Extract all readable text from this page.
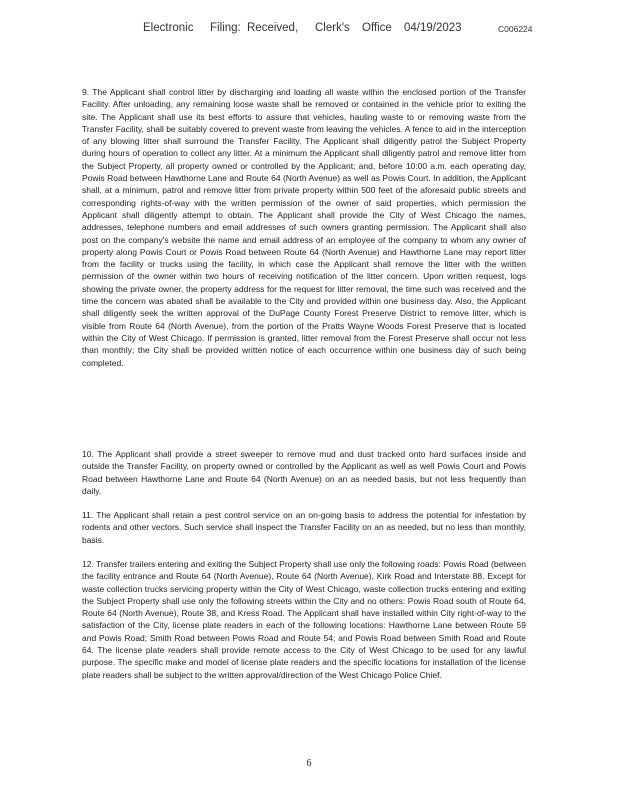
Electronic Filing: Received, Clerk's Office 04/19/2023	C006224

9. The Applicant shall control litter by discharging and loading all waste within the enclosed portion of the Transfer Facility. After unloading, any remaining loose waste shall be removed or contained in the vehicle prior to exiting the site. The Applicant shall use its best efforts to assure that vehicles, hauling waste to or removing waste from the Transfer Facility, shall be suitably covered to prevent waste from leaving the vehicles. A fence to aid in the interception of any blowing litter shall surround the Transfer Facility. The Applicant shall diligently patrol the Subject Property during hours of operation to collect any litter. At a minimum the Applicant shall diligently patrol and remove litter from the Subject Property, all property owned or controlled by the Applicant; and, before 10:00 a.m. each operating day, Powis Road between Hawthorne Lane and Route 64 (North Avenue) as well as Powis Court. In addition, the Applicant shall, at a minimum, patrol and remove litter from private property within 500 feet of the aforesaid public streets and corresponding rights-of-way with the written permission of the owner of said properties, which permission the Applicant shall diligently attempt to obtain. The Applicant shall provide the City of West Chicago the names, addresses, telephone numbers and email addresses of such owners granting permission. The Applicant shall also post on the company's website the name and email address of an employee of the company to whom any owner of property along Powis Court or Powis Road between Route 64 (North Avenue) and Hawthorne Lane may report litter from the facility or trucks using the facility, in which case the Applicant shall remove the litter with the written permission of the owner within two hours of receiving notification of the litter concern. Upon written request, logs showing the private owner, the property address for the request for litter removal, the time such was received and the time the concern was abated shall be available to the City and provided within one business day. Also, the Applicant shall diligently seek the written approval of the DuPage County Forest Preserve District to remove litter, which is visible from Route 64 (North Avenue), from the portion of the Pratts Wayne Woods Forest Preserve that is located within the City of West Chicago. If permission is granted, litter removal from the Forest Preserve shall occur not less than monthly; the City shall be provided written notice of each occurrence within one business day of such being completed.

10. The Applicant shall provide a street sweeper to remove mud and dust tracked onto hard surfaces inside and outside the Transfer Facility, on property owned or controlled by the Applicant as well as well Powis Court and Powis Road between Hawthorne Lane and Route 64 (North Avenue) on an as needed basis, but not less frequently than daily.

11. The Applicant shall retain a pest control service on an on-going basis to address the potential for infestation by rodents and other vectors. Such service shall inspect the Transfer Facility on an as needed, but no less than monthly, basis.

12. Transfer trailers entering and exiting the Subject Property shall use only the following roads: Powis Road (between the facility entrance and Route 64 (North Avenue), Route 64 (North Avenue), Kirk Road and Interstate 88. Except for waste collection trucks servicing property within the City of West Chicago, waste collection trucks entering and exiting the Subject Property shall use only the following streets within the City and no others: Powis Road south of Route 64, Route 64 (North Avenue), Route 38, and Kress Road. The Applicant shall have installed within City right-of-way to the satisfaction of the City, license plate readers in each of the following locations: Hawthorne Lane between Route 59 and Powis Road; Smith Road between Powis Road and Route 54; and Powis Road between Smith Road and Route 64. The license plate readers shall provide remote access to the City of West Chicago to be used for any lawful purpose. The specific make and model of license plate readers and the specific locations for installation of the license plate readers shall be subject to the written approval/direction of the West Chicago Police Chief.

6
